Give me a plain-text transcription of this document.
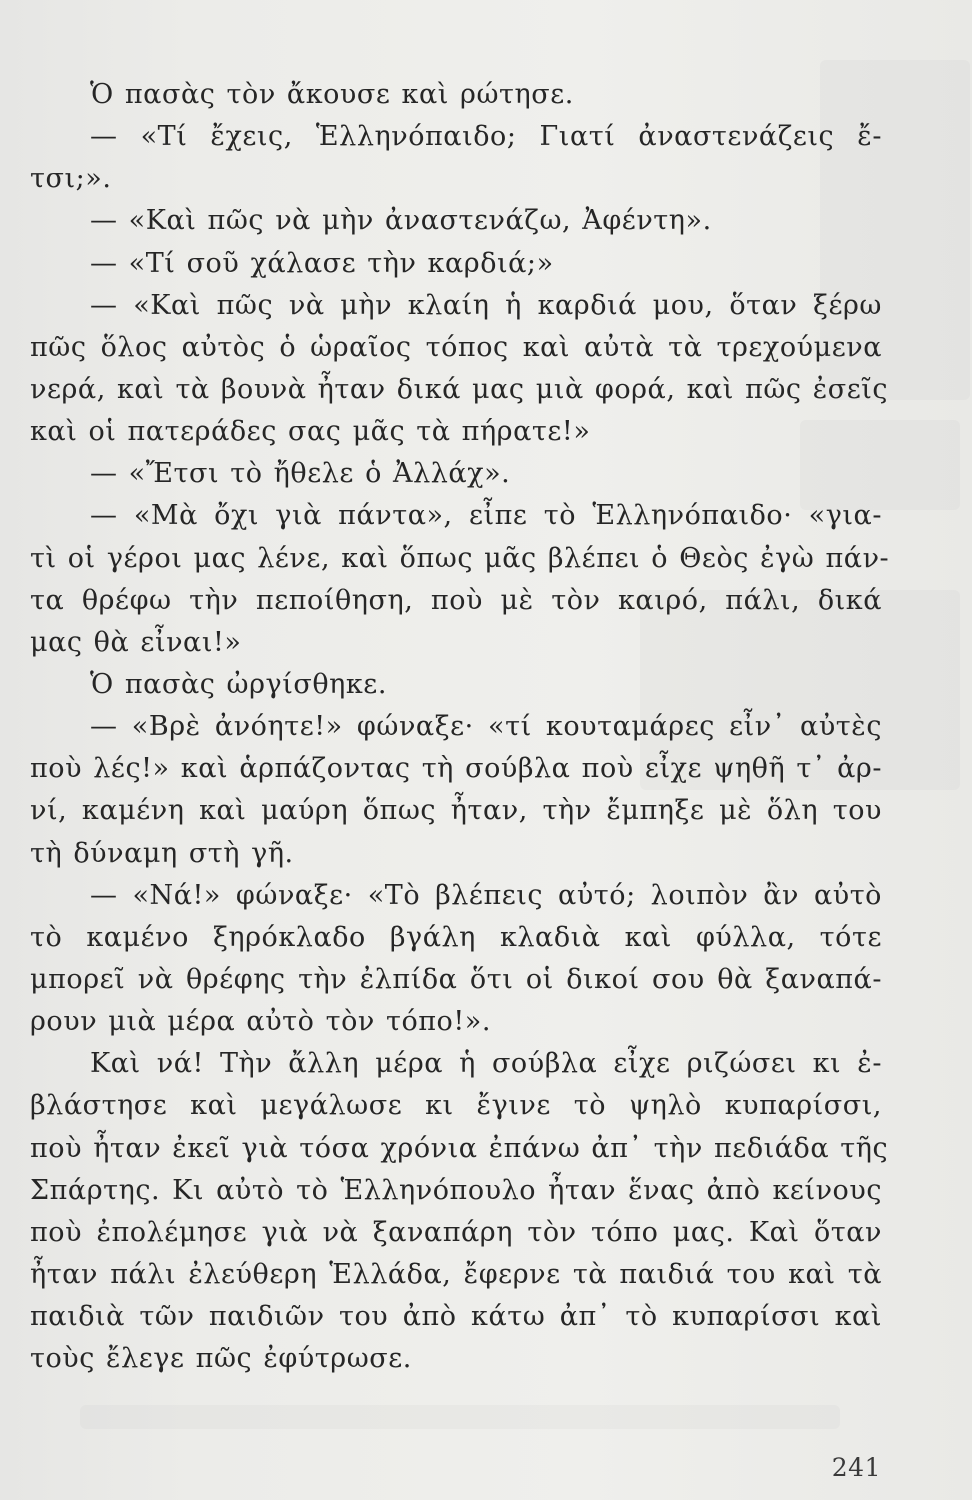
Ὁ πασὰς τὸν ἄκουσε καὶ ρώτησε.
— «Τί ἔχεις, Ἑλληνόπαιδο; Γιατί ἀναστενάζεις ἔ-
τσι;».
— «Καὶ πῶς νὰ μὴν ἀναστενάζω, Ἀφέντη».
— «Τί σοῦ χάλασε τὴν καρδιά;»
— «Καὶ πῶς νὰ μὴν κλαίη ἡ καρδιά μου, ὅταν ξέρω
πῶς ὅλος αὐτὸς ὁ ὡραῖος τόπος καὶ αὐτὰ τὰ τρεχούμενα
νερά, καὶ τὰ βουνὰ ἦταν δικά μας μιὰ φορά, καὶ πῶς ἐσεῖς
καὶ οἱ πατεράδες σας μᾶς τὰ πήρατε!»
— «Ἔτσι τὸ ἤθελε ὁ Ἀλλάχ».
— «Μὰ ὄχι γιὰ πάντα», εἶπε τὸ Ἑλληνόπαιδο· «για-
τὶ οἱ γέροι μας λένε, καὶ ὅπως μᾶς βλέπει ὁ Θεὸς ἐγὼ πάν-
τα θρέφω τὴν πεποίθηση, ποὺ μὲ τὸν καιρό, πάλι, δικά
μας θὰ εἶναι!»
Ὁ πασὰς ὠργίσθηκε.
— «Βρὲ ἀνόητε!» φώναξε· «τί κουταμάρες εἶν᾽ αὐτὲς
ποὺ λές!» καὶ ἁρπάζοντας τὴ σούβλα ποὺ εἶχε ψηθῆ τ᾽ ἀρ-
νί, καμένη καὶ μαύρη ὅπως ἦταν, τὴν ἔμπηξε μὲ ὅλη του
τὴ δύναμη στὴ γῆ.
— «Νά!» φώναξε· «Τὸ βλέπεις αὐτό; λοιπὸν ἂν αὐτὸ
τὸ καμένο ξηρόκλαδο βγάλη κλαδιὰ καὶ φύλλα, τότε
μπορεῖ νὰ θρέφης τὴν ἐλπίδα ὅτι οἱ δικοί σου θὰ ξαναπά-
ρουν μιὰ μέρα αὐτὸ τὸν τόπο!».
Καὶ νά! Τὴν ἄλλη μέρα ἡ σούβλα εἶχε ριζώσει κι ἐ-
βλάστησε καὶ μεγάλωσε κι ἔγινε τὸ ψηλὸ κυπαρίσσι,
ποὺ ἦταν ἐκεῖ γιὰ τόσα χρόνια ἐπάνω ἀπ᾽ τὴν πεδιάδα τῆς
Σπάρτης. Κι αὐτὸ τὸ Ἑλληνόπουλο ἦταν ἕνας ἀπὸ κείνους
ποὺ ἐπολέμησε γιὰ νὰ ξαναπάρη τὸν τόπο μας. Καὶ ὅταν
ἦταν πάλι ἐλεύθερη Ἑλλάδα, ἔφερνε τὰ παιδιά του καὶ τὰ
παιδιὰ τῶν παιδιῶν του ἀπὸ κάτω ἀπ᾽ τὸ κυπαρίσσι καὶ
τοὺς ἔλεγε πῶς ἐφύτρωσε.
241
